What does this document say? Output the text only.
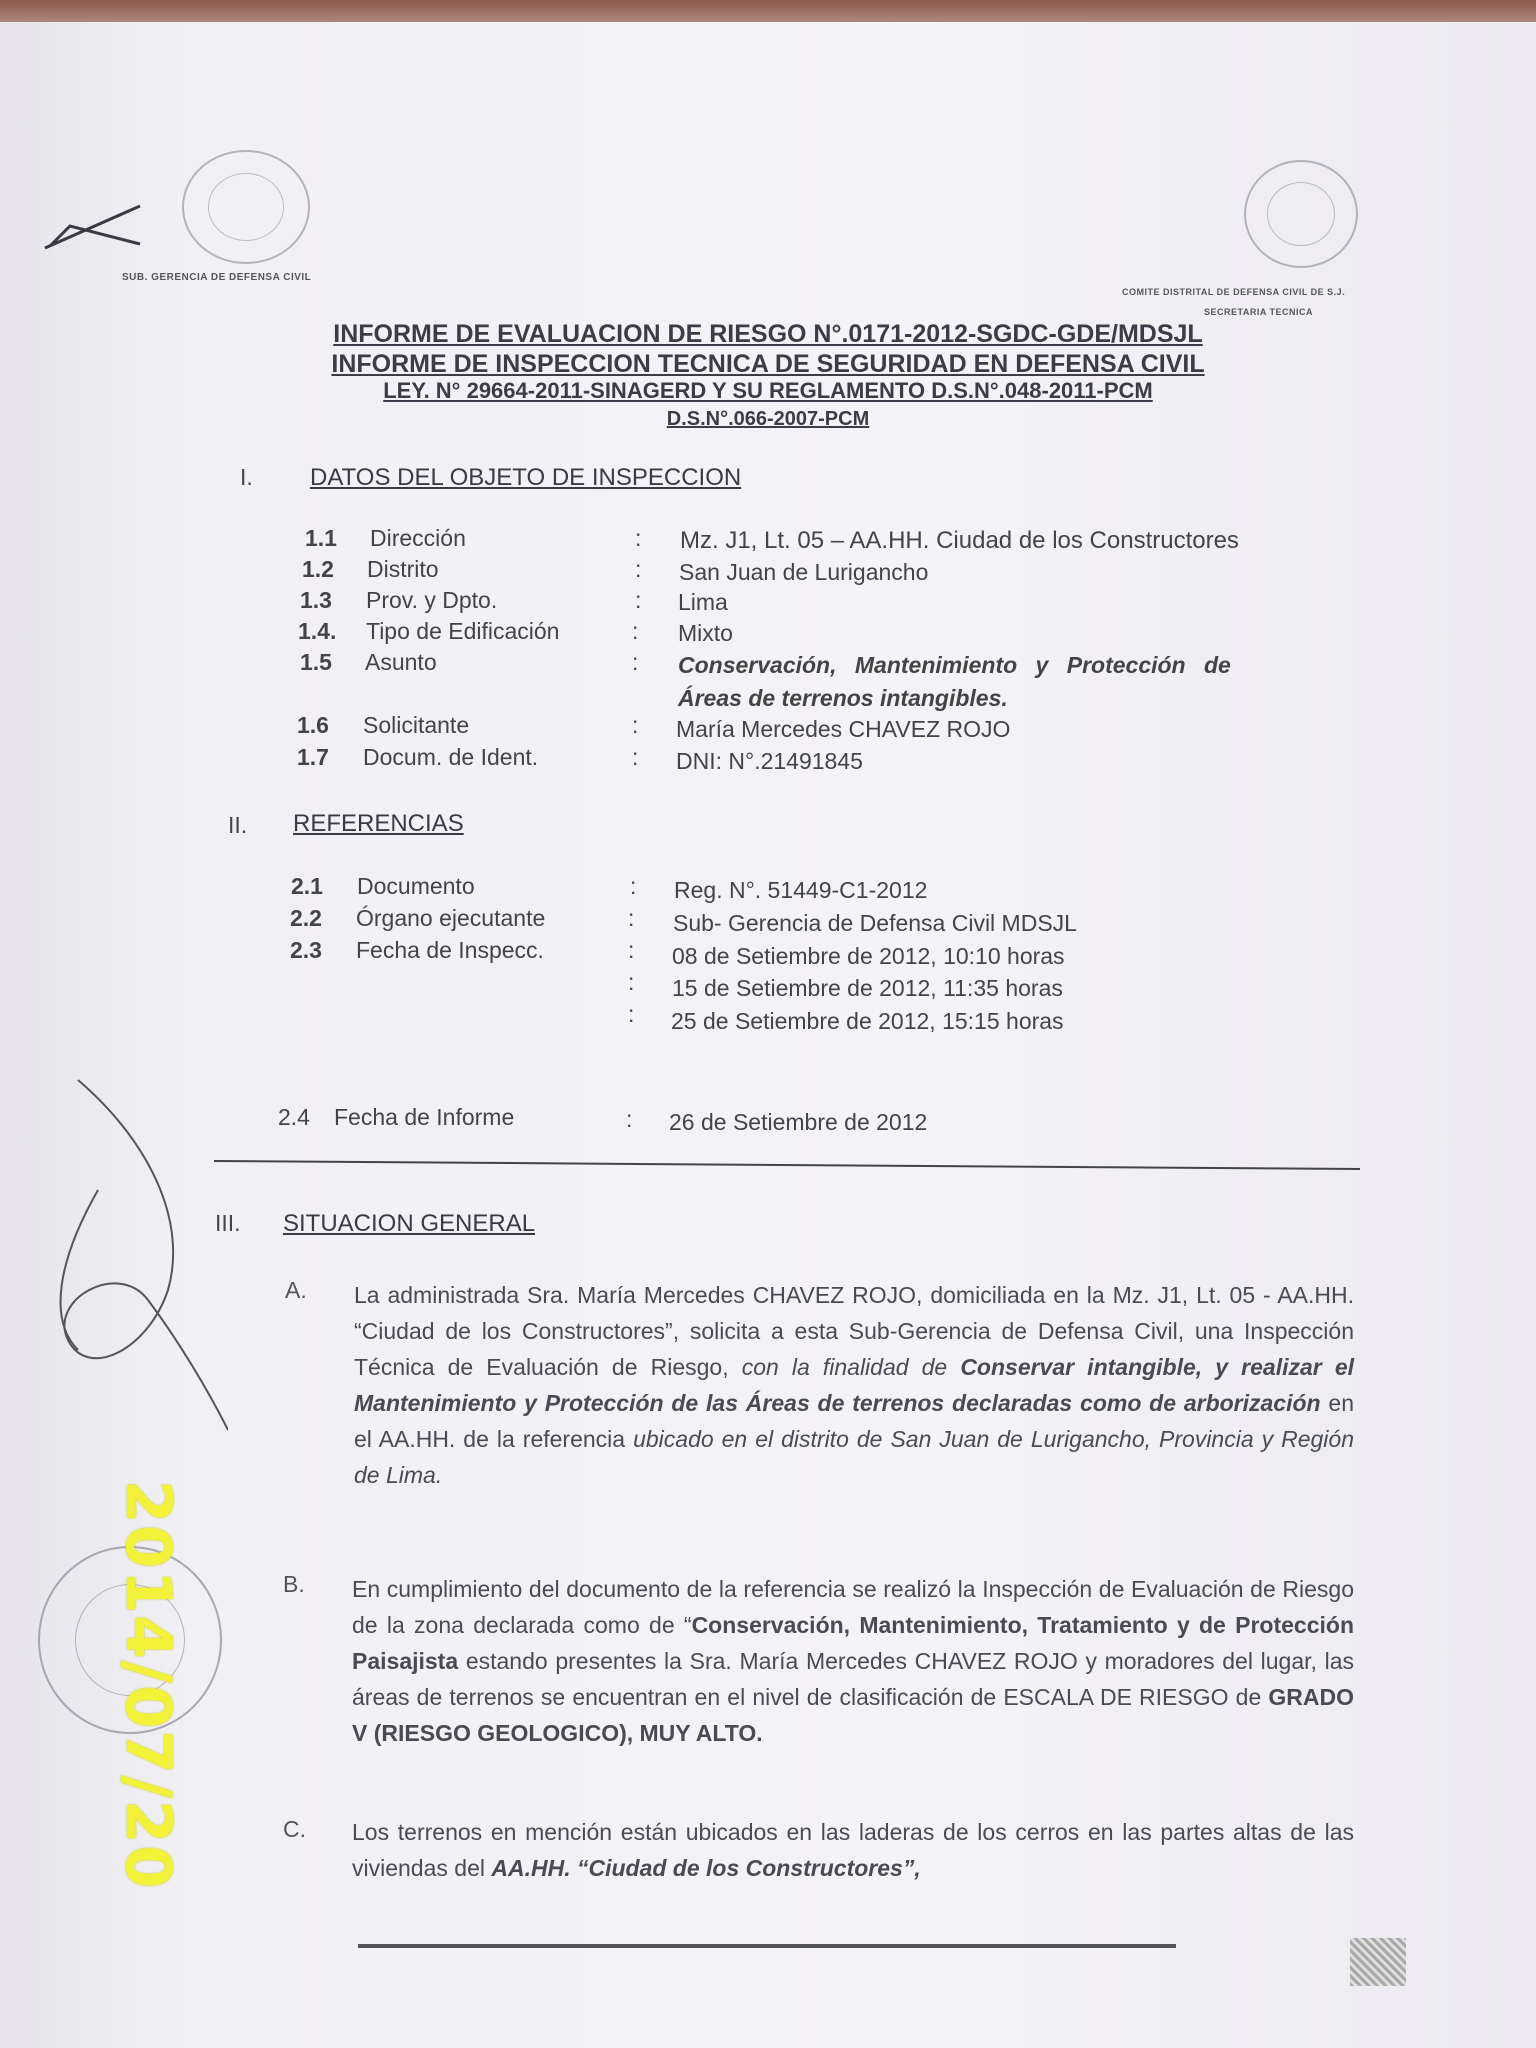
SUB. GERENCIA DE DEFENSA CIVIL
COMITE DISTRITAL DE DEFENSA CIVIL DE S.J.
SECRETARIA TECNICA
INFORME DE EVALUACION DE RIESGO N°.0171-2012-SGDC-GDE/MDSJL
INFORME DE INSPECCION TECNICA DE SEGURIDAD EN DEFENSA CIVIL
LEY. N° 29664-2011-SINAGERD Y SU REGLAMENTO D.S.N°.048-2011-PCM
D.S.N°.066-2007-PCM
I. DATOS DEL OBJETO DE INSPECCION
1.1 Dirección	: Mz. J1, Lt. 05 – AA.HH. Ciudad de los Constructores
1.2 Distrito	: San Juan de Lurigancho
1.3 Prov. y Dpto.	: Lima
1.4. Tipo de Edificación	: Mixto
1.5 Asunto	: Conservación, Mantenimiento y Protección de
Áreas de terrenos intangibles.
1.6 Solicitante	: María Mercedes CHAVEZ ROJO
1.7 Docum. de Ident.	: DNI: N°.21491845
II. REFERENCIAS
2.1 Documento	: Reg. N°. 51449-C1-2012
2.2 Órgano ejecutante	: Sub- Gerencia de Defensa Civil MDSJL
2.3 Fecha de Inspecc.	: 08 de Setiembre de 2012, 10:10 horas
: 15 de Setiembre de 2012, 11:35 horas
: 25 de Setiembre de 2012, 15:15 horas
2.4 Fecha de Informe	: 26 de Setiembre de 2012
III. SITUACION GENERAL
A. La administrada Sra. María Mercedes CHAVEZ ROJO, domiciliada en la Mz. J1, Lt. 05 - AA.HH. “Ciudad de los Constructores”, solicita a esta Sub-Gerencia de Defensa Civil, una Inspección Técnica de Evaluación de Riesgo, con la finalidad de Conservar intangible, y realizar el Mantenimiento y Protección de las Áreas de terrenos declaradas como de arborización en el AA.HH. de la referencia ubicado en el distrito de San Juan de Lurigancho, Provincia y Región de Lima.
B. En cumplimiento del documento de la referencia se realizó la Inspección de Evaluación de Riesgo de la zona declarada como de “Conservación, Mantenimiento, Tratamiento y de Protección Paisajista estando presentes la Sra. María Mercedes CHAVEZ ROJO y moradores del lugar, las áreas de terrenos se encuentran en el nivel de clasificación de ESCALA DE RIESGO de GRADO V (RIESGO GEOLOGICO), MUY ALTO.
C. Los terrenos en mención están ubicados en las laderas de los cerros en las partes altas de las viviendas del AA.HH. “Ciudad de los Constructores”,
2014/07/20
